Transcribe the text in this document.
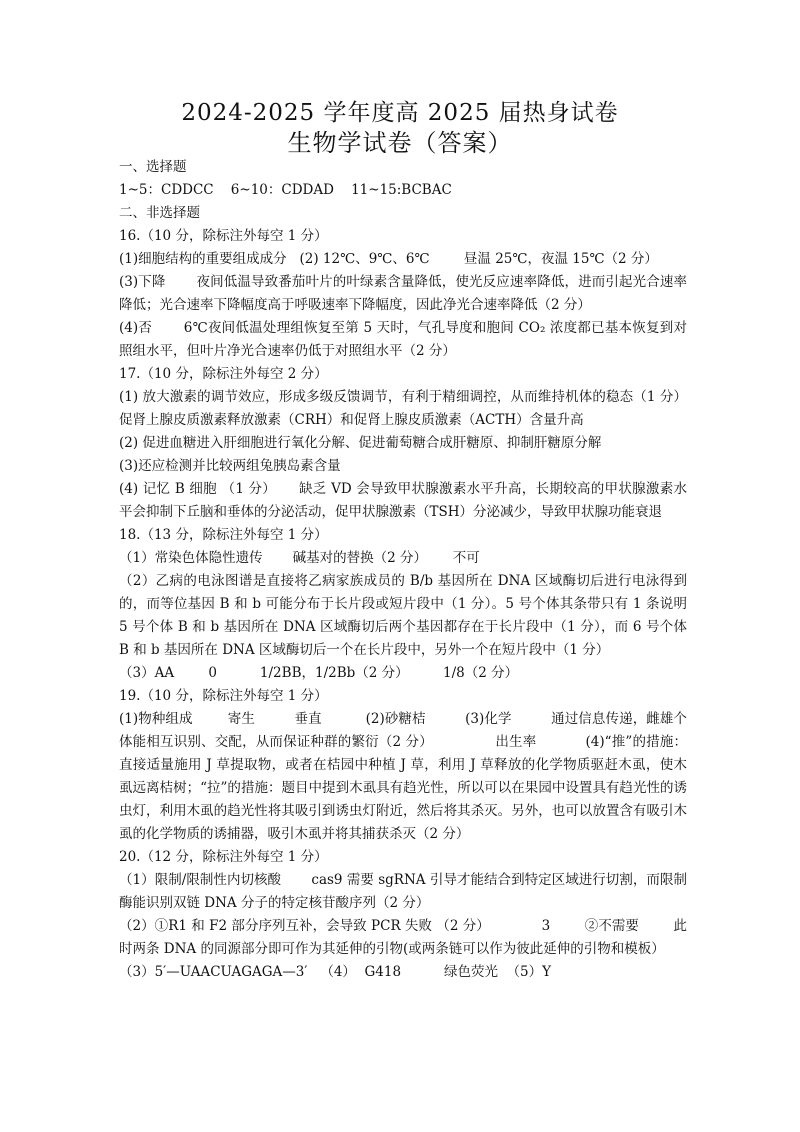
2024-2025 学年度高 2025 届热身试卷
生物学试卷（答案）

一、选择题

1~5：CDDCC    6~10：CDDAD    11~15:BCBAC

二、非选择题

16.（10 分，除标注外每空 1 分）

(1)细胞结构的重要组成成分   (2) 12℃、9℃、6℃        昼温 25℃，夜温 15℃（2 分）

(3)下降       夜间低温导致番茄叶片的叶绿素含量降低，使光反应速率降低，进而引起光合速率降低；光合速率下降幅度高于呼吸速率下降幅度，因此净光合速率降低（2 分）

(4)否       6℃夜间低温处理组恢复至第 5 天时，气孔导度和胞间 CO₂ 浓度都已基本恢复到对照组水平，但叶片净光合速率仍低于对照组水平（2 分）

17.（10 分，除标注外每空 2 分）

(1) 放大激素的调节效应，形成多级反馈调节，有利于精细调控，从而维持机体的稳态（1 分）     促肾上腺皮质激素释放激素（CRH）和促肾上腺皮质激素（ACTH）含量升高

(2) 促进血糖进入肝细胞进行氧化分解、促进葡萄糖合成肝糖原、抑制肝糖原分解

(3)还应检测并比较两组兔胰岛素含量

(4) 记忆 B 细胞 （1 分）     缺乏 VD 会导致甲状腺激素水平升高，长期较高的甲状腺激素水平会抑制下丘脑和垂体的分泌活动，促甲状腺激素（TSH）分泌减少，导致甲状腺功能衰退

18.（13 分，除标注外每空 1 分）

（1）常染色体隐性遗传       碱基对的替换（2 分）      不可

（2）乙病的电泳图谱是直接将乙病家族成员的 B/b 基因所在 DNA 区域酶切后进行电泳得到的，而等位基因 B 和 b 可能分布于长片段或短片段中（1 分）。5 号个体其条带只有 1 条说明 5 号个体 B 和 b 基因所在 DNA 区域酶切后两个基因都存在于长片段中（1 分），而 6 号个体 B 和 b 基因所在 DNA 区域酶切后一个在长片段中，另外一个在短片段中（1 分）

（3）AA        0          1/2BB，1/2Bb（2 分）        1/8（2 分）

19.（10 分，除标注外每空 1 分）

(1)物种组成        寄生         垂直          (2)砂糖桔         (3)化学         通过信息传递，雌雄个体能相互识别、交配，从而保证种群的繁衍（2 分）              出生率           (4)“推”的措施：直接适量施用 J 草提取物，或者在桔园中种植 J 草，利用 J 草释放的化学物质驱赶木虱，使木虱远离桔树；“拉”的措施：题目中提到木虱具有趋光性，所以可以在果园中设置具有趋光性的诱虫灯，利用木虱的趋光性将其吸引到诱虫灯附近，然后将其杀灭。另外，也可以放置含有吸引木虱的化学物质的诱捕器，吸引木虱并将其捕获杀灭（2 分）

20.（12 分，除标注外每空 1 分）

（1）限制/限制性内切核酸       cas9 需要 sgRNA 引导才能结合到特定区域进行切割，而限制酶能识别双链 DNA 分子的特定核苷酸序列（2 分）

（2）①R1 和 F2 部分序列互补，会导致 PCR 失败 （2 分）            3        ②不需要        此时两条 DNA 的同源部分即可作为其延伸的引物(或两条链可以作为彼此延伸的引物和模板）

（3）5′—UAACUAGAGA—3′   （4）  G418          绿色荧光  （5）Y
